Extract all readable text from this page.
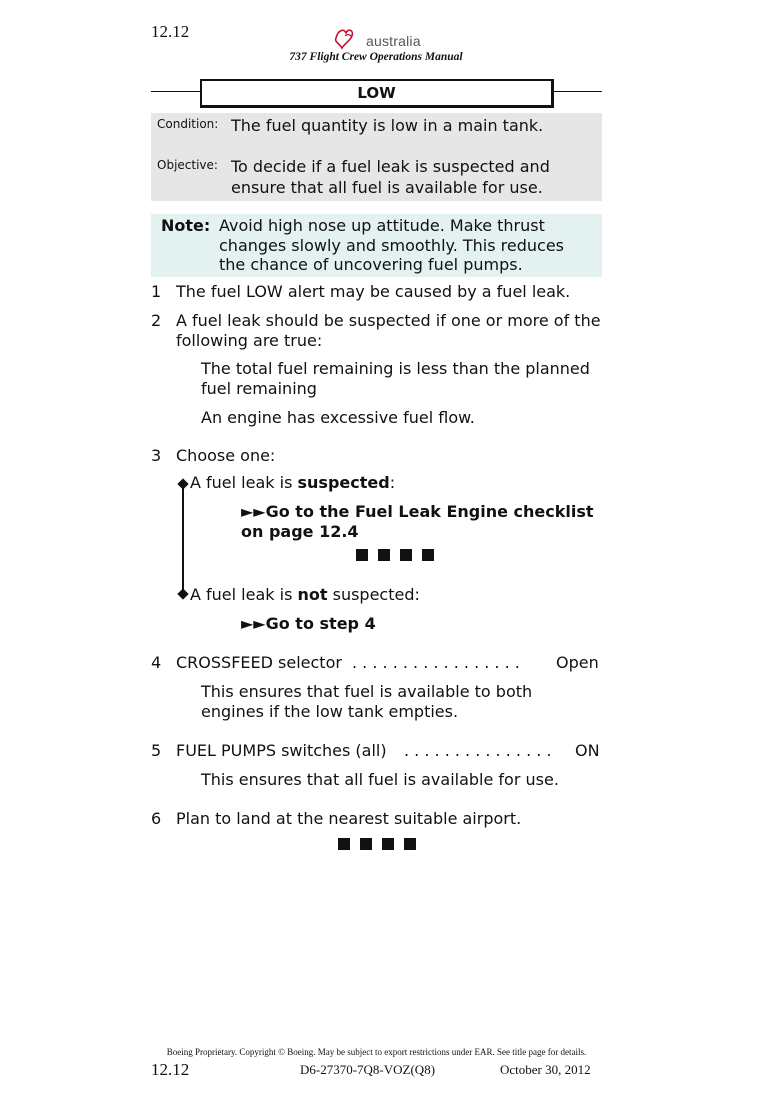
12.12	australia
737 Flight Crew Operations Manual
LOW
Condition: The fuel quantity is low in a main tank.
Objective: To decide if a fuel leak is suspected and ensure that all fuel is available for use.
Note: Avoid high nose up attitude. Make thrust changes slowly and smoothly. This reduces the chance of uncovering fuel pumps.
1 The fuel LOW alert may be caused by a fuel leak.
2 A fuel leak should be suspected if one or more of the following are true:
The total fuel remaining is less than the planned fuel remaining
An engine has excessive fuel flow.
3 Choose one:
A fuel leak is suspected:
►►Go to the Fuel Leak Engine checklist on page 12.4
A fuel leak is not suspected:
►►Go to step 4
4 CROSSFEED selector . . . . . . . . . . . . . . . . . Open
This ensures that fuel is available to both engines if the low tank empties.
5 FUEL PUMPS switches (all) . . . . . . . . . . . . . . . ON
This ensures that all fuel is available for use.
6 Plan to land at the nearest suitable airport.
Boeing Proprietary. Copyright © Boeing. May be subject to export restrictions under EAR. See title page for details.
12.12	D6-27370-7Q8-VOZ(Q8)	October 30, 2012
